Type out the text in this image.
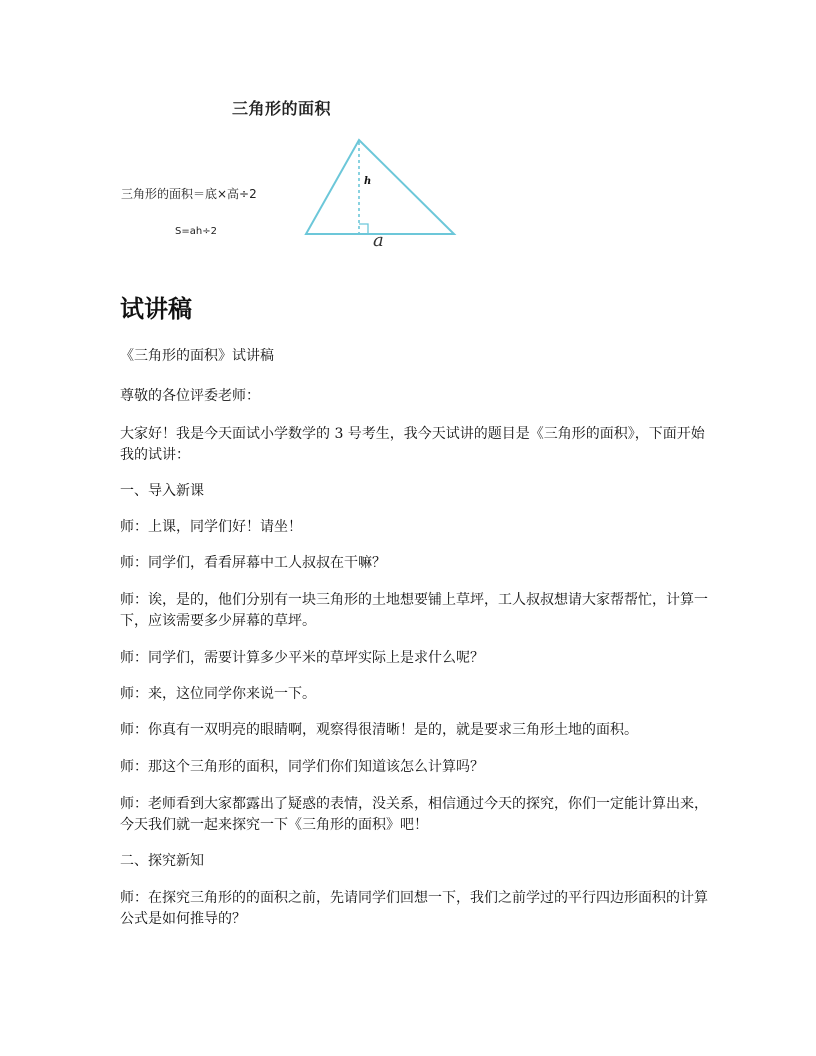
三角形的面积
三角形的面积＝底×高÷2
S=ah÷2
h
a
试讲稿
《三角形的面积》试讲稿
尊敬的各位评委老师：
大家好！我是今天面试小学数学的 3 号考生，我今天试讲的题目是《三角形的面积》，下面开始我的试讲：
一、导入新课
师：上课，同学们好！请坐！
师：同学们，看看屏幕中工人叔叔在干嘛？
师：诶，是的，他们分别有一块三角形的土地想要铺上草坪，工人叔叔想请大家帮帮忙，计算一下，应该需要多少屏幕的草坪。
师：同学们，需要计算多少平米的草坪实际上是求什么呢？
师：来，这位同学你来说一下。
师：你真有一双明亮的眼睛啊，观察得很清晰！是的，就是要求三角形土地的面积。
师：那这个三角形的面积，同学们你们知道该怎么计算吗？
师：老师看到大家都露出了疑惑的表情，没关系，相信通过今天的探究，你们一定能计算出来，今天我们就一起来探究一下《三角形的面积》吧！
二、探究新知
师：在探究三角形的的面积之前，先请同学们回想一下，我们之前学过的平行四边形面积的计算公式是如何推导的？
